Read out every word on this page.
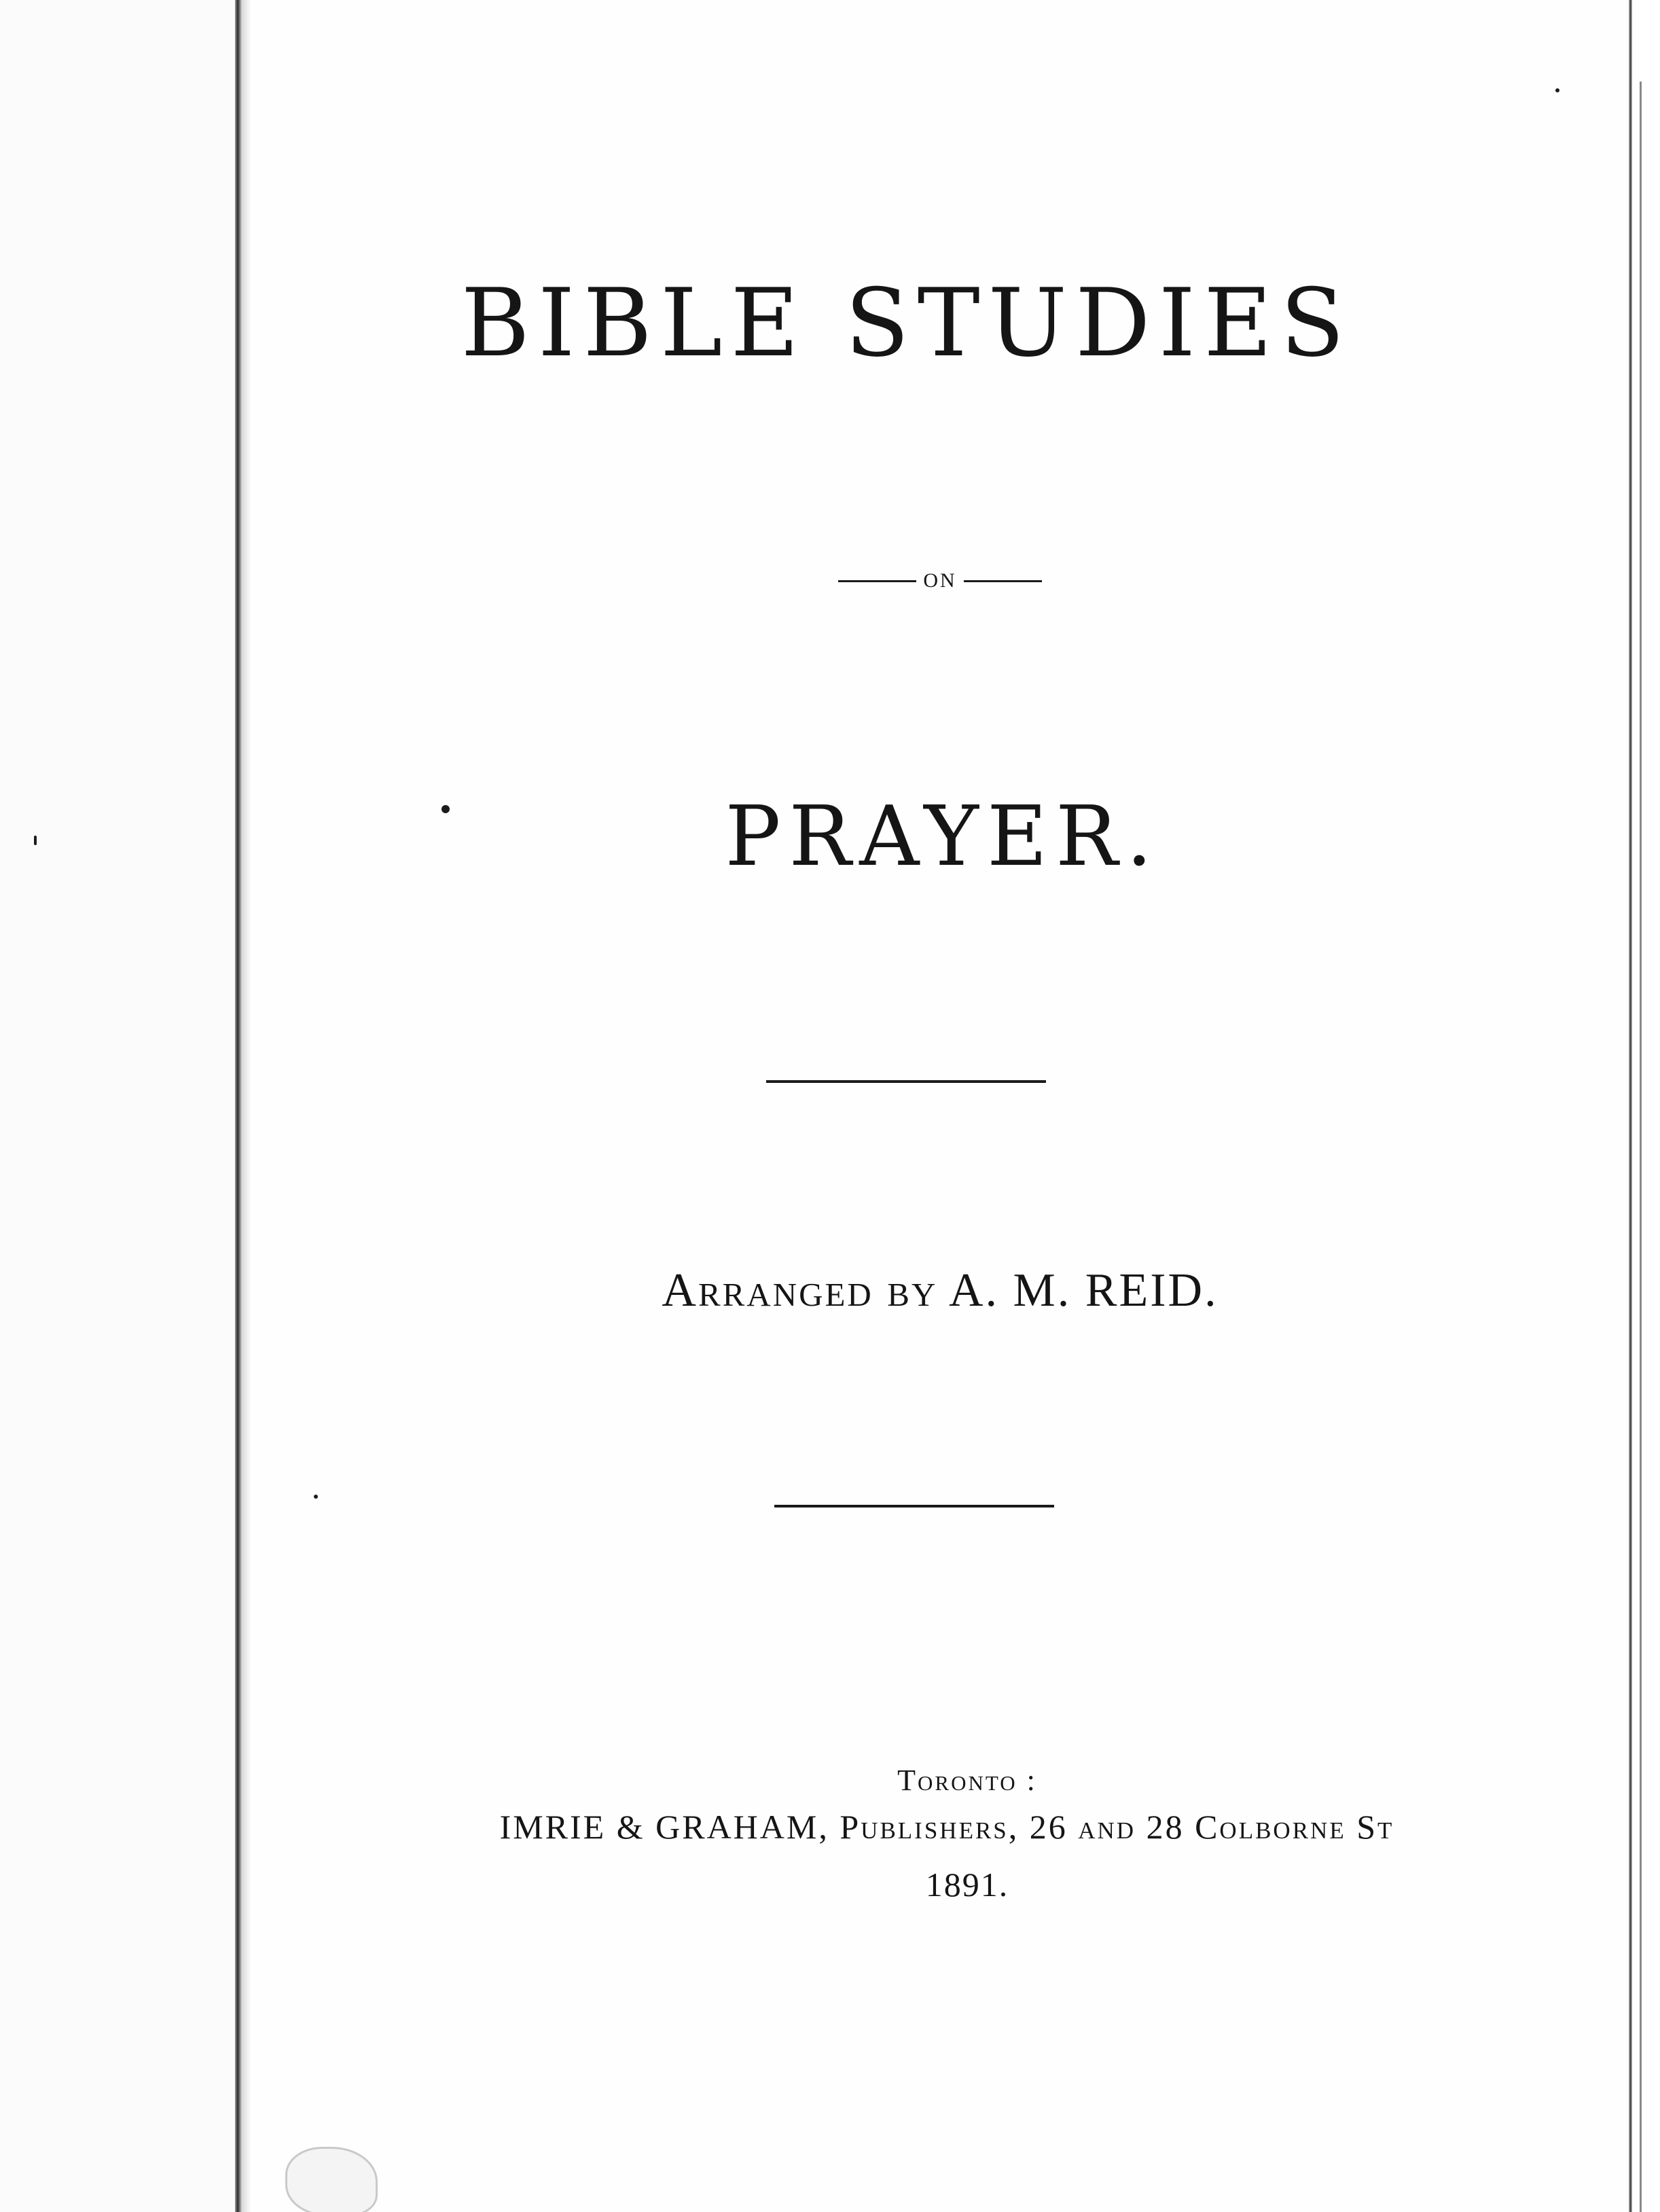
BIBLE STUDIES
ON
PRAYER.
Arranged by A. M. REID.
Toronto :
IMRIE & GRAHAM, Publishers, 26 and 28 Colborne St
1891.
